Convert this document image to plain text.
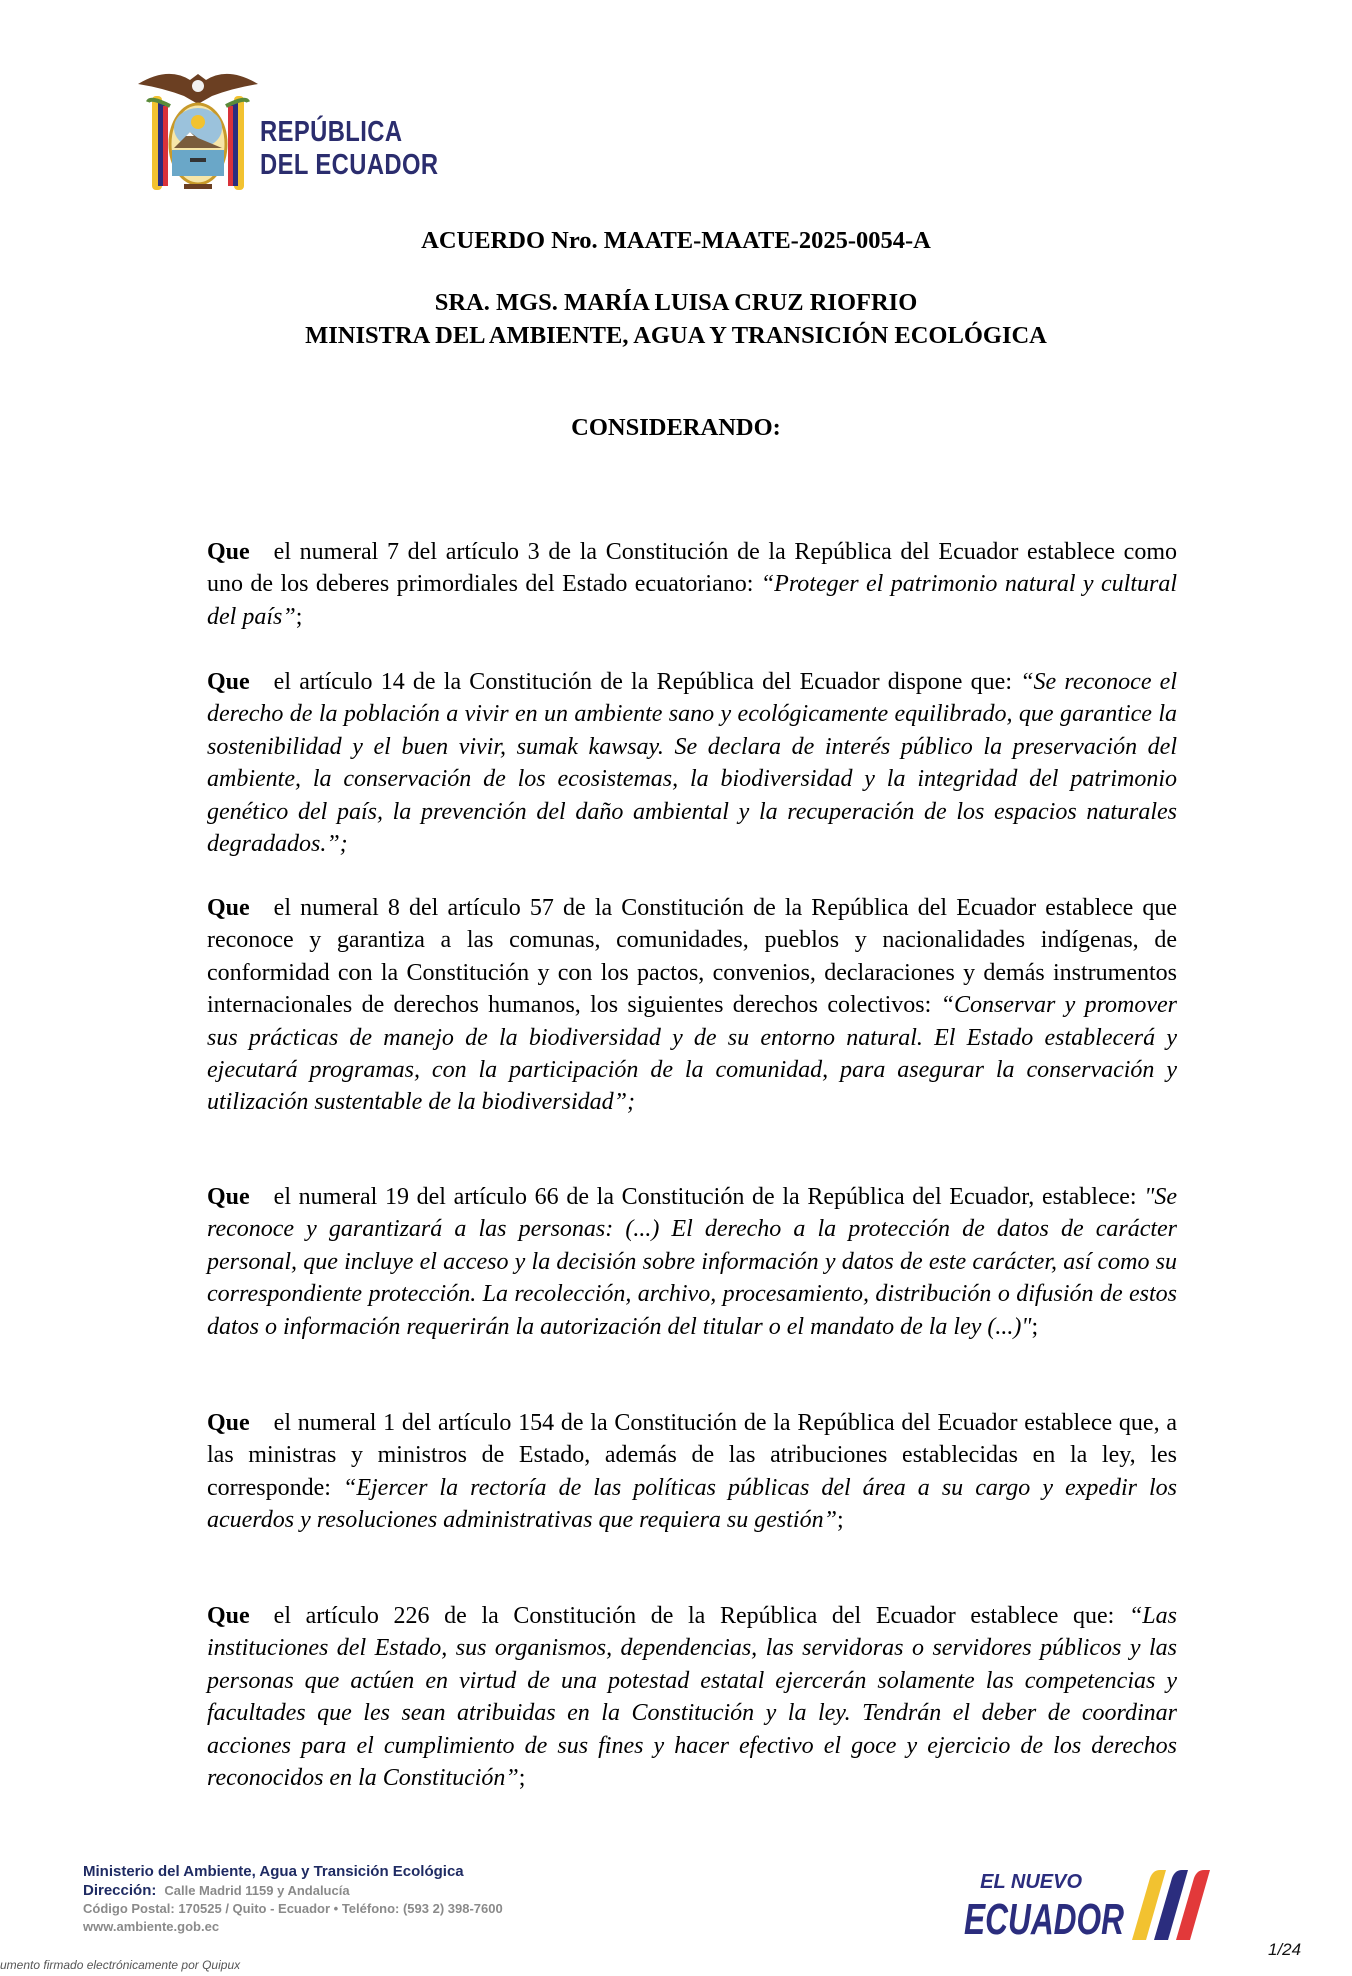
REPÚBLICA
DEL ECUADOR
ACUERDO Nro. MAATE-MAATE-2025-0054-A
SRA. MGS. MARÍA LUISA CRUZ RIOFRIO
MINISTRA DEL AMBIENTE, AGUA Y TRANSICIÓN ECOLÓGICA
CONSIDERANDO:

Que el numeral 7 del artículo 3 de la Constitución de la República del Ecuador establece como uno de los deberes primordiales del Estado ecuatoriano: “Proteger el patrimonio natural y cultural del país”;

Que el artículo 14 de la Constitución de la República del Ecuador dispone que: “Se reconoce el derecho de la población a vivir en un ambiente sano y ecológicamente equilibrado, que garantice la sostenibilidad y el buen vivir, sumak kawsay. Se declara de interés público la preservación del ambiente, la conservación de los ecosistemas, la biodiversidad y la integridad del patrimonio genético del país, la prevención del daño ambiental y la recuperación de los espacios naturales degradados.”;

Que el numeral 8 del artículo 57 de la Constitución de la República del Ecuador establece que reconoce y garantiza a las comunas, comunidades, pueblos y nacionalidades indígenas, de conformidad con la Constitución y con los pactos, convenios, declaraciones y demás instrumentos internacionales de derechos humanos, los siguientes derechos colectivos: “Conservar y promover sus prácticas de manejo de la biodiversidad y de su entorno natural. El Estado establecerá y ejecutará programas, con la participación de la comunidad, para asegurar la conservación y utilización sustentable de la biodiversidad”;

Que el numeral 19 del artículo 66 de la Constitución de la República del Ecuador, establece: "Se reconoce y garantizará a las personas: (...) El derecho a la protección de datos de carácter personal, que incluye el acceso y la decisión sobre información y datos de este carácter, así como su correspondiente protección. La recolección, archivo, procesamiento, distribución o difusión de estos datos o información requerirán la autorización del titular o el mandato de la ley (...)";

Que el numeral 1 del artículo 154 de la Constitución de la República del Ecuador establece que, a las ministras y ministros de Estado, además de las atribuciones establecidas en la ley, les corresponde: “Ejercer la rectoría de las políticas públicas del área a su cargo y expedir los acuerdos y resoluciones administrativas que requiera su gestión”;

Que el artículo 226 de la Constitución de la República del Ecuador establece que: “Las instituciones del Estado, sus organismos, dependencias, las servidoras o servidores públicos y las personas que actúen en virtud de una potestad estatal ejercerán solamente las competencias y facultades que les sean atribuidas en la Constitución y la ley. Tendrán el deber de coordinar acciones para el cumplimiento de sus fines y hacer efectivo el goce y ejercicio de los derechos reconocidos en la Constitución”;

Ministerio del Ambiente, Agua y Transición Ecológica
Dirección: Calle Madrid 1159 y Andalucía
Código Postal: 170525 / Quito - Ecuador • Teléfono: (593 2) 398-7600
www.ambiente.gob.ec
EL NUEVO
ECUADOR
1/24
umento firmado electrónicamente por Quipux
